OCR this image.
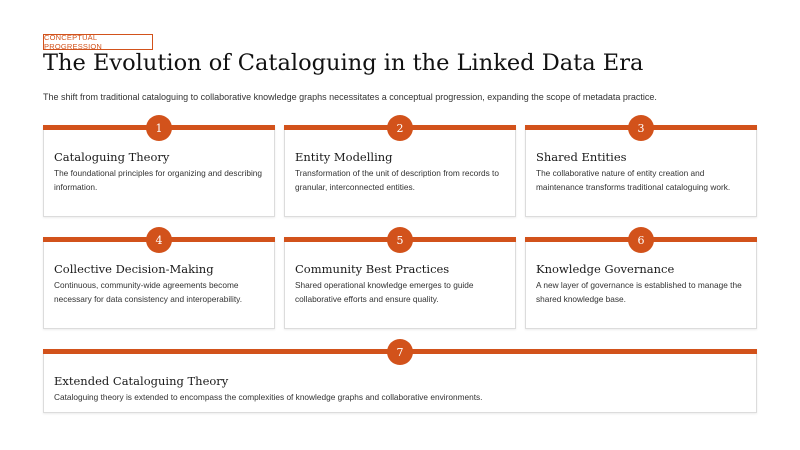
CONCEPTUAL PROGRESSION
The Evolution of Cataloguing in the Linked Data Era
The shift from traditional cataloguing to collaborative knowledge graphs necessitates a conceptual progression, expanding the scope of metadata practice.
1
Cataloguing Theory
The foundational principles for organizing and describing information.
2
Entity Modelling
Transformation of the unit of description from records to granular, interconnected entities.
3
Shared Entities
The collaborative nature of entity creation and maintenance transforms traditional cataloguing work.
4
Collective Decision-Making
Continuous, community-wide agreements become necessary for data consistency and interoperability.
5
Community Best Practices
Shared operational knowledge emerges to guide collaborative efforts and ensure quality.
6
Knowledge Governance
A new layer of governance is established to manage the shared knowledge base.
7
Extended Cataloguing Theory
Cataloguing theory is extended to encompass the complexities of knowledge graphs and collaborative environments.
